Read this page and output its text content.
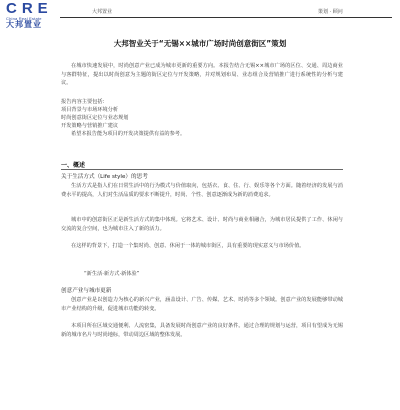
CRE
China Real Estate
大邦置业
大邦置业	策划 · 顾问
大邦智业关于“无锡××城市广场时尚创意街区”策划

在城市快速发展中，时尚创意产业已成为城市更新的重要方向。本报告结合无锡××城市广场的区位、交通、周边商业与客群特征，提出以时尚创意为主题的街区定位与开发策略，并对规划布局、业态组合及营销推广进行系统性的分析与建议。

报告内容主要包括：
项目背景与市场环境分析
时尚创意街区定位与业态规划
开发策略与营销推广建议
希望本报告能为项目的开发决策提供有益的参考。
一、概述
关于生活方式（Life style）的思考

生活方式是指人们在日常生活中的行为模式与价值取向，包括衣、食、住、行、娱乐等各个方面。随着经济的发展与消费水平的提高，人们对生活品质的要求不断提升，时尚、个性、创意逐渐成为新的消费追求。

城市中的创意街区正是新生活方式的集中体现。它将艺术、设计、时尚与商业相融合，为城市居民提供了工作、休闲与交流的复合空间，也为城市注入了新的活力。

在这样的背景下，打造一个集时尚、创意、休闲于一体的城市街区，具有重要的现实意义与市场价值。

“新生活·新方式·新体验”
创意产业与城市更新

创意产业是以创造力为核心的新兴产业，涵盖设计、广告、传媒、艺术、时尚等多个领域。创意产业的发展能够带动城市产业结构的升级，促进城市功能的转变。

本项目所在区域交通便利、人流密集，具备发展时尚创意产业的良好条件。通过合理的规划与运营，项目有望成为无锡新的城市名片与时尚地标，带动周边区域的整体发展。
